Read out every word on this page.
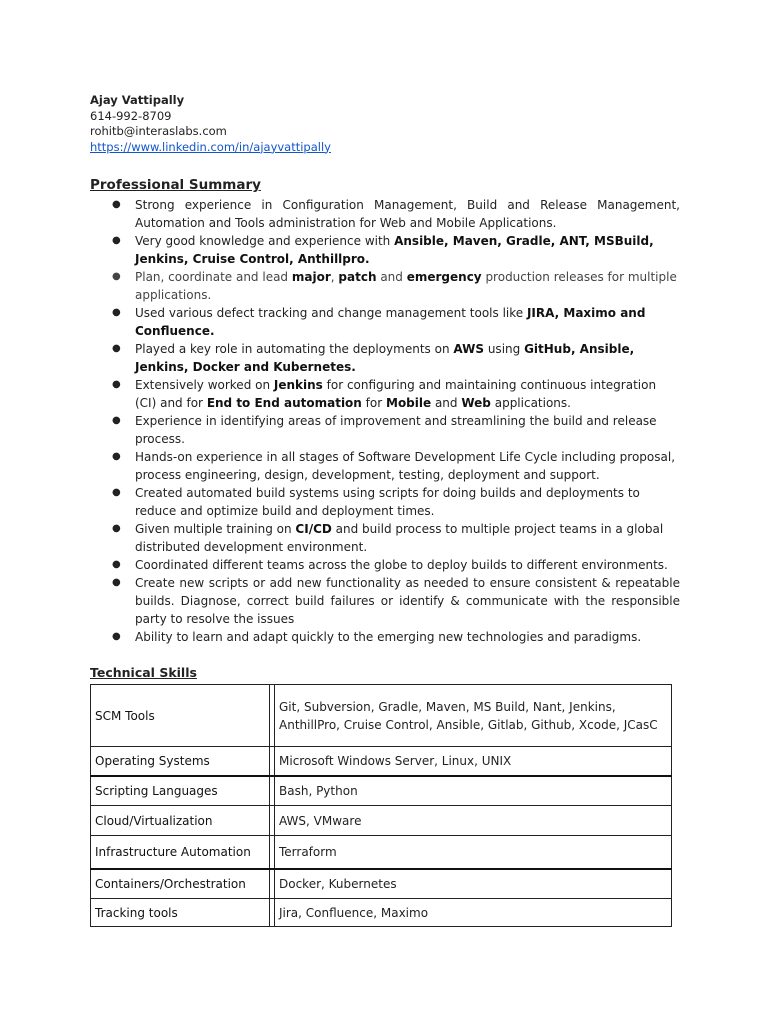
Ajay Vattipally
614-992-8709
rohitb@interaslabs.com
https://www.linkedin.com/in/ajayvattipally
Professional Summary
● Strong experience in Configuration Management, Build and Release Management, Automation and Tools administration for Web and Mobile Applications.
● Very good knowledge and experience with Ansible, Maven, Gradle, ANT, MSBuild, Jenkins, Cruise Control, Anthillpro.
● Plan, coordinate and lead major, patch and emergency production releases for multiple applications.
● Used various defect tracking and change management tools like JIRA, Maximo and Confluence.
● Played a key role in automating the deployments on AWS using GitHub, Ansible, Jenkins, Docker and Kubernetes.
● Extensively worked on Jenkins for configuring and maintaining continuous integration (CI) and for End to End automation for Mobile and Web applications.
● Experience in identifying areas of improvement and streamlining the build and release process.
● Hands-on experience in all stages of Software Development Life Cycle including proposal, process engineering, design, development, testing, deployment and support.
● Created automated build systems using scripts for doing builds and deployments to reduce and optimize build and deployment times.
● Given multiple training on CI/CD and build process to multiple project teams in a global distributed development environment.
● Coordinated different teams across the globe to deploy builds to different environments.
● Create new scripts or add new functionality as needed to ensure consistent & repeatable builds. Diagnose, correct build failures or identify & communicate with the responsible party to resolve the issues
● Ability to learn and adapt quickly to the emerging new technologies and paradigms.
Technical Skills
SCM Tools		Git, Subversion, Gradle, Maven, MS Build, Nant, Jenkins, AnthillPro, Cruise Control, Ansible, Gitlab, Github, Xcode, JCasC
Operating Systems		Microsoft Windows Server, Linux, UNIX
Scripting Languages		Bash, Python
Cloud/Virtualization		AWS, VMware
Infrastructure Automation		Terraform
Containers/Orchestration		Docker, Kubernetes
Tracking tools		Jira, Confluence, Maximo
